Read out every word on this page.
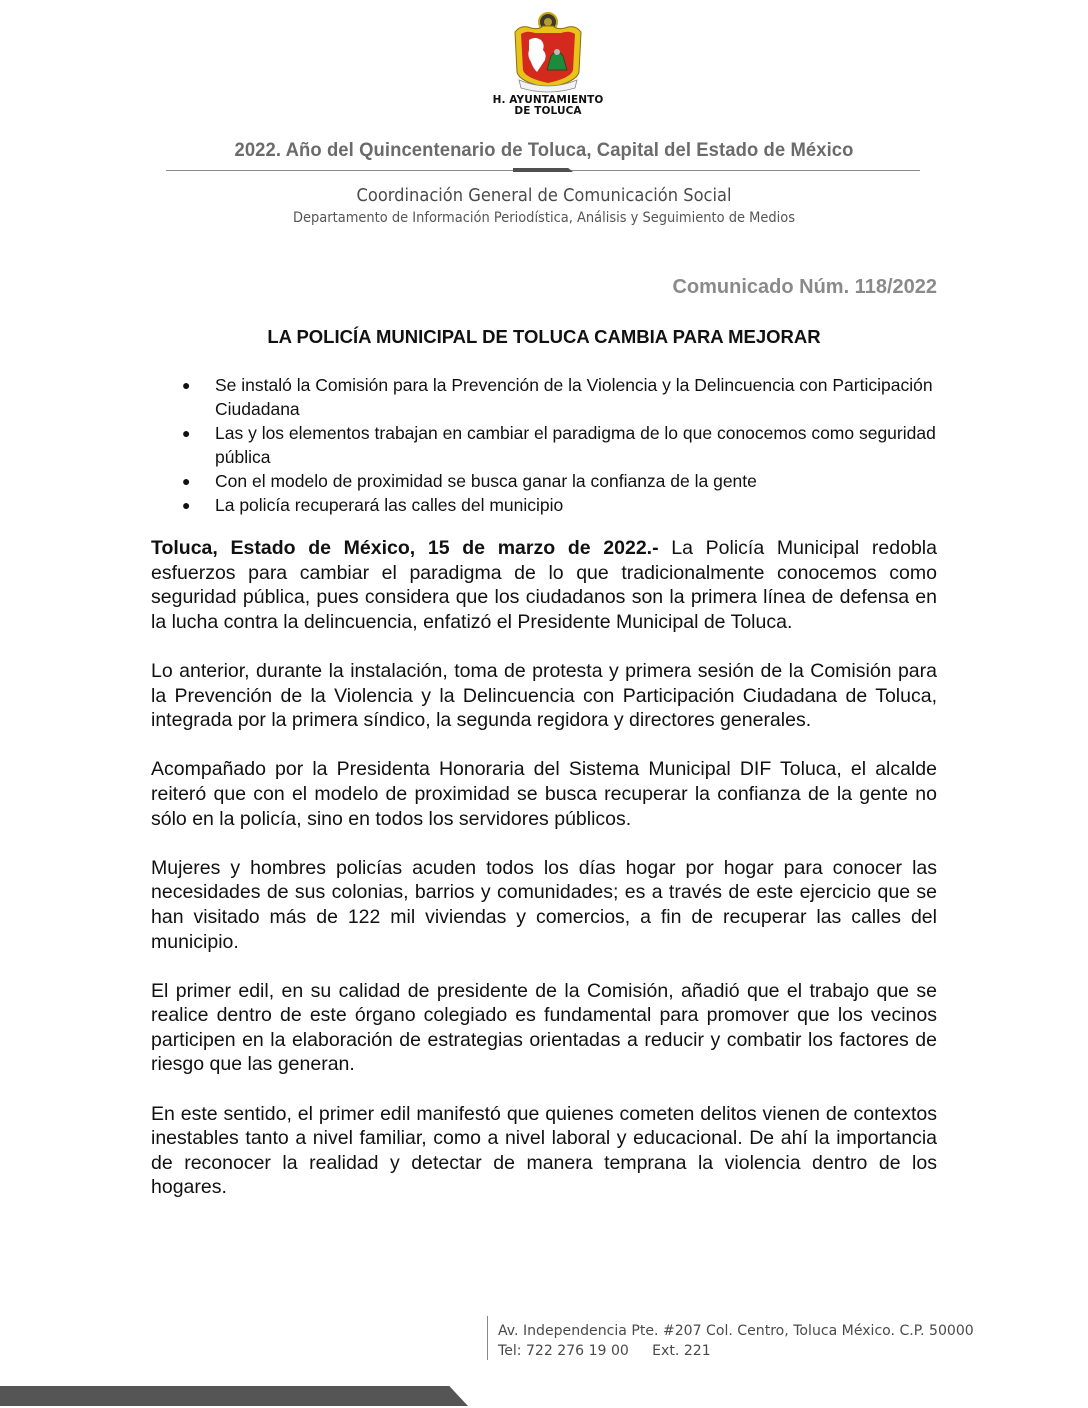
H. AYUNTAMIENTO
DE TOLUCA
2022. Año del Quincentenario de Toluca, Capital del Estado de México
Coordinación General de Comunicación Social
Departamento de Información Periodística, Análisis y Seguimiento de Medios
Comunicado Núm. 118/2022
LA POLICÍA MUNICIPAL DE TOLUCA CAMBIA PARA MEJORAR
● Se instaló la Comisión para la Prevención de la Violencia y la Delincuencia con Participación Ciudadana
● Las y los elementos trabajan en cambiar el paradigma de lo que conocemos como seguridad pública
● Con el modelo de proximidad se busca ganar la confianza de la gente
● La policía recuperará las calles del municipio

Toluca, Estado de México, 15 de marzo de 2022.- La Policía Municipal redobla esfuerzos para cambiar el paradigma de lo que tradicionalmente conocemos como seguridad pública, pues considera que los ciudadanos son la primera línea de defensa en la lucha contra la delincuencia, enfatizó el Presidente Municipal de Toluca.

Lo anterior, durante la instalación, toma de protesta y primera sesión de la Comisión para la Prevención de la Violencia y la Delincuencia con Participación Ciudadana de Toluca, integrada por la primera síndico, la segunda regidora y directores generales.

Acompañado por la Presidenta Honoraria del Sistema Municipal DIF Toluca, el alcalde reiteró que con el modelo de proximidad se busca recuperar la confianza de la gente no sólo en la policía, sino en todos los servidores públicos.

Mujeres y hombres policías acuden todos los días hogar por hogar para conocer las necesidades de sus colonias, barrios y comunidades; es a través de este ejercicio que se han visitado más de 122 mil viviendas y comercios, a fin de recuperar las calles del municipio.

El primer edil, en su calidad de presidente de la Comisión, añadió que el trabajo que se realice dentro de este órgano colegiado es fundamental para promover que los vecinos participen en la elaboración de estrategias orientadas a reducir y combatir los factores de riesgo que las generan.

En este sentido, el primer edil manifestó que quienes cometen delitos vienen de contextos inestables tanto a nivel familiar, como a nivel laboral y educacional. De ahí la importancia de reconocer la realidad y detectar de manera temprana la violencia dentro de los hogares.

Av. Independencia Pte. #207 Col. Centro, Toluca México. C.P. 50000
Tel: 722 276 19 00 Ext. 221
